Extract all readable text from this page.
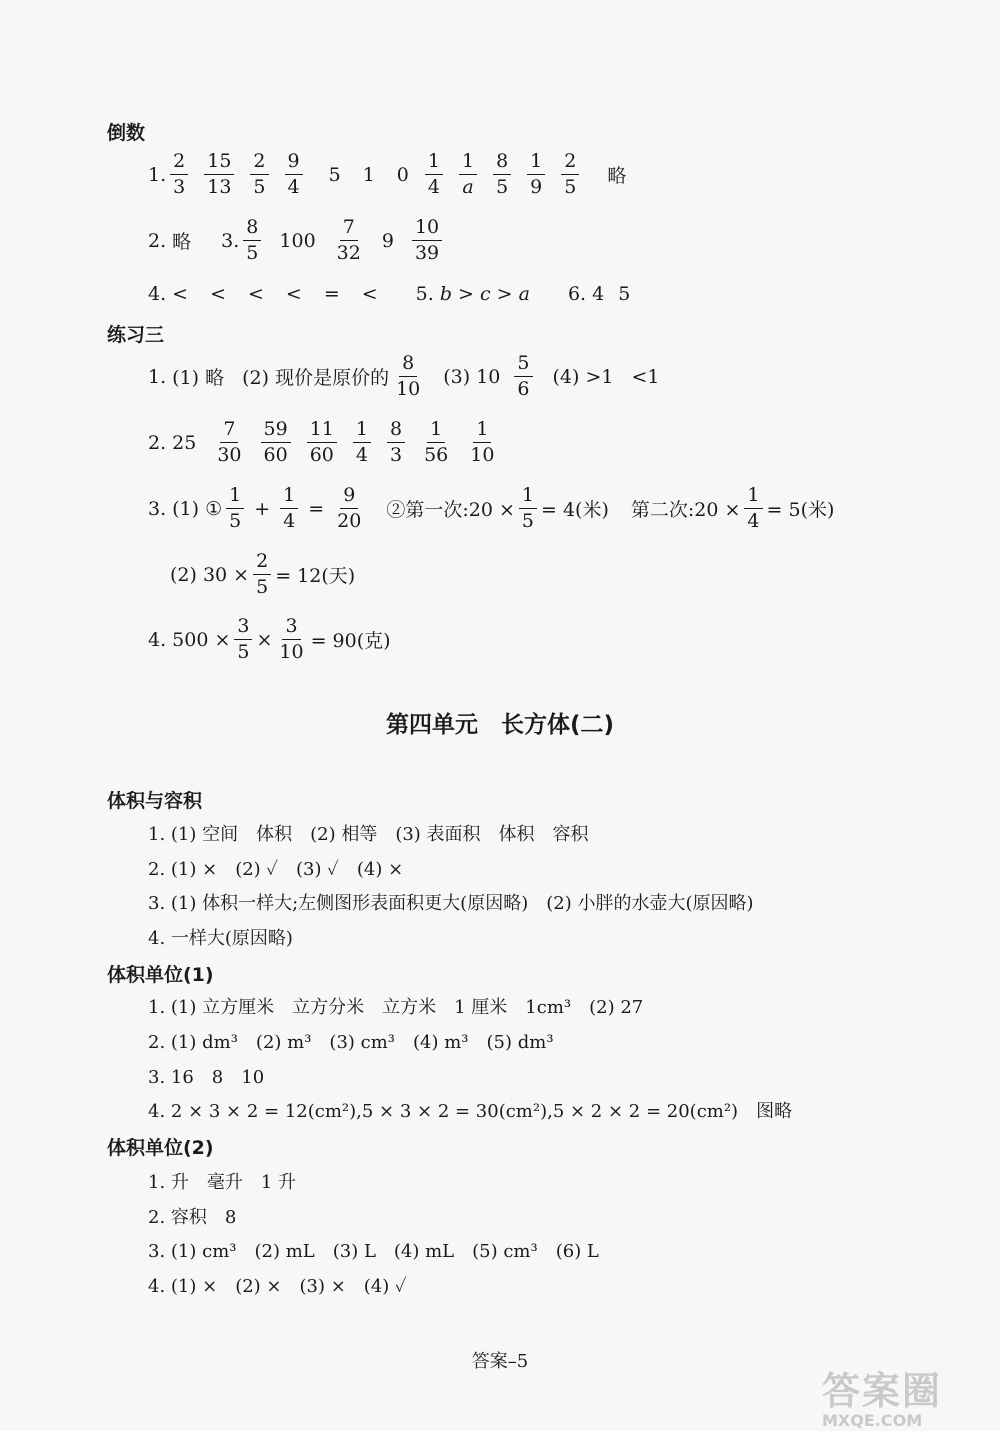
倒数
1. $\frac{2}{3} \frac{15}{13} \frac{2}{5} \frac{9}{4} 5$ 1 $0 \frac{1}{4} \frac{1}{a} \frac{8}{5} \frac{1}{9} \frac{2}{5}$ 略
2. 略 3. $\frac{8}{5} 100 \frac{7}{32} 9 \frac{10}{39}$
4. < < < < = < 5. b > c > a 6. 4 5
练习三
1. (1) 略 (2) 现价是原价的 $\frac{8}{10} (3)$ $10 \frac{5}{6} (4) >1 <1$
2. $25 \frac{7}{30} \frac{59}{60} \frac{11}{60} \frac{1}{4} \frac{8}{3} \frac{1}{56} \frac{1}{10}$
3. (1) ① $\frac{1}{5} + \frac{1}{4} = \frac{9}{20}$ ②第一次:20 × $\frac{1}{5} = 4$(米) 第二次:20 × $\frac{1}{4} = 5$(米)
(2) $30 \times \frac{2}{5} = 12$(天)
4. $500 \times \frac{3}{5} \times \frac{3}{10} = 90$(克)
第四单元　长方体(二)
体积与容积
1. (1) 空间　体积　(2) 相等　(3) 表面积　体积　容积
2. (1) ×　(2) ✓　(3) ✓　(4) ×
3. (1) 体积一样大;左侧图形表面积更大(原因略)　(2) 小胖的水壶大(原因略)
4. 一样大(原因略)
体积单位(1)
1. (1) 立方厘米　立方分米　立方米　1 厘米　1cm³　(2) 27
2. (1) dm³　(2) m³　(3) cm³　(4) m³　(5) dm³
3. 16　8　10
4. 2 × 3 × 2 = 12(cm²),5 × 3 × 2 = 30(cm²),5 × 2 × 2 = 20(cm²)　图略
体积单位(2)
1. 升　毫升　1 升
2. 容积　8
3. (1) cm³　(2) mL　(3) L　(4) mL　(5) cm³　(6) L
4. (1) ×　(2) ×　(3) ×　(4) ✓
答案–5
答案圈
MXQE.COM
